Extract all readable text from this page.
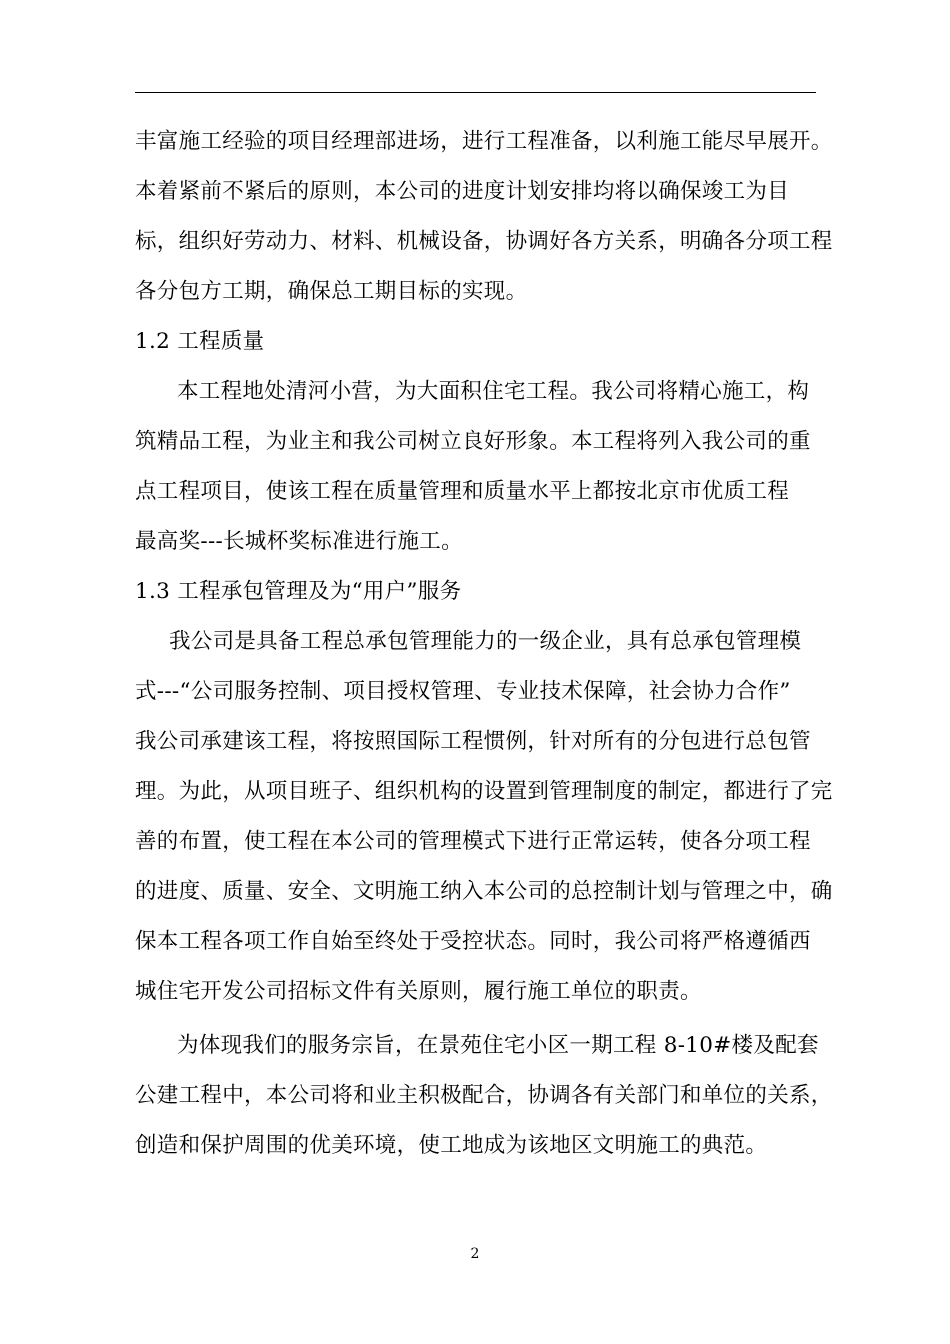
丰富施工经验的项目经理部进场，进行工程准备，以利施工能尽早展开。
本着紧前不紧后的原则，本公司的进度计划安排均将以确保竣工为目
标，组织好劳动力、材料、机械设备，协调好各方关系，明确各分项工程
各分包方工期，确保总工期目标的实现。
1.2 工程质量
本工程地处清河小营，为大面积住宅工程。我公司将精心施工，构
筑精品工程，为业主和我公司树立良好形象。本工程将列入我公司的重
点工程项目，使该工程在质量管理和质量水平上都按北京市优质工程
最高奖---长城杯奖标准进行施工。
1.3 工程承包管理及为“用户”服务
我公司是具备工程总承包管理能力的一级企业，具有总承包管理模
式---“公司服务控制、项目授权管理、专业技术保障，社会协力合作”
我公司承建该工程，将按照国际工程惯例，针对所有的分包进行总包管
理。为此，从项目班子、组织机构的设置到管理制度的制定，都进行了完
善的布置，使工程在本公司的管理模式下进行正常运转，使各分项工程
的进度、质量、安全、文明施工纳入本公司的总控制计划与管理之中，确
保本工程各项工作自始至终处于受控状态。同时，我公司将严格遵循西
城住宅开发公司招标文件有关原则，履行施工单位的职责。
为体现我们的服务宗旨，在景苑住宅小区一期工程 8-10#楼及配套
公建工程中，本公司将和业主积极配合，协调各有关部门和单位的关系，
创造和保护周围的优美环境，使工地成为该地区文明施工的典范。
2
